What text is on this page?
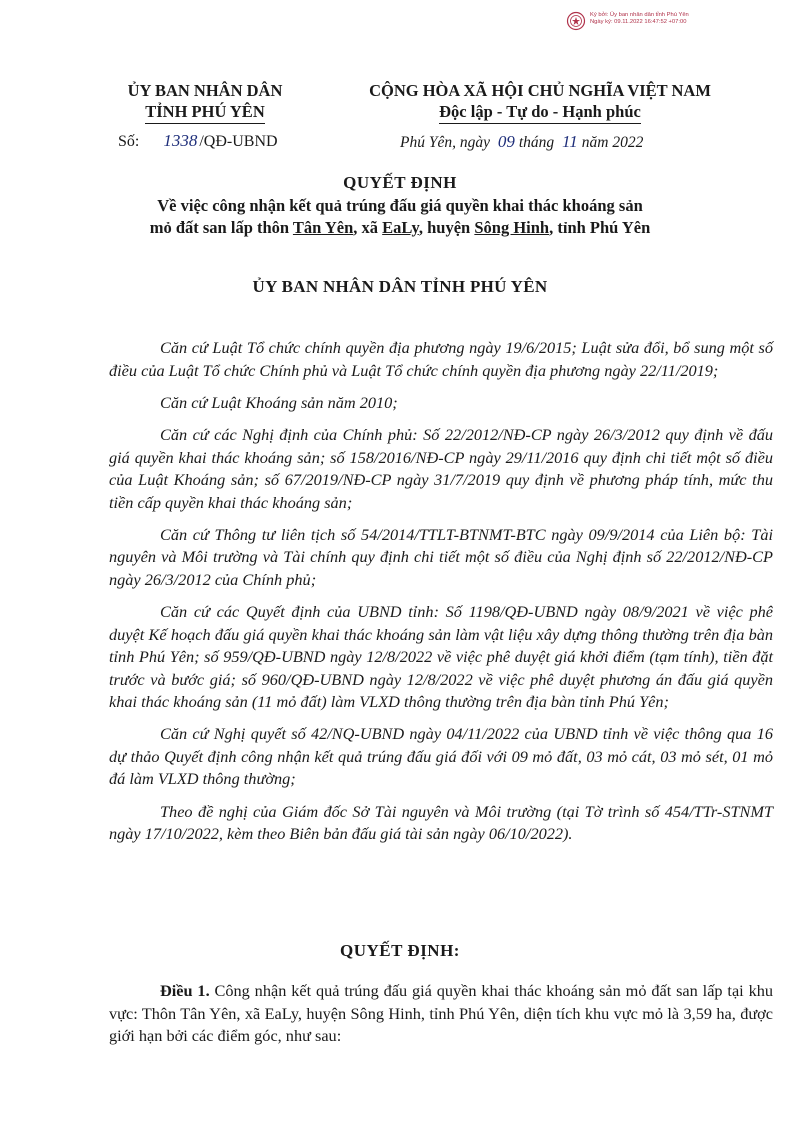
Ký bởi: Ủy ban nhân dân tỉnh Phú Yên
Ngày ký: 09.11.2022 16:47:52 +07:00
ỦY BAN NHÂN DÂN
TỈNH PHÚ YÊN
CỘNG HÒA XÃ HỘI CHỦ NGHĨA VIỆT NAM
Độc lập - Tự do - Hạnh phúc
Số: 1338 /QĐ-UBND	Phú Yên, ngày 09 tháng 11 năm 2022
QUYẾT ĐỊNH
Về việc công nhận kết quả trúng đấu giá quyền khai thác khoáng sản
mỏ đất san lấp thôn Tân Yên, xã EaLy, huyện Sông Hinh, tỉnh Phú Yên
ỦY BAN NHÂN DÂN TỈNH PHÚ YÊN

Căn cứ Luật Tổ chức chính quyền địa phương ngày 19/6/2015; Luật sửa đổi, bổ sung một số điều của Luật Tổ chức Chính phủ và Luật Tổ chức chính quyền địa phương ngày 22/11/2019;

Căn cứ Luật Khoáng sản năm 2010;

Căn cứ các Nghị định của Chính phủ: Số 22/2012/NĐ-CP ngày 26/3/2012 quy định về đấu giá quyền khai thác khoáng sản; số 158/2016/NĐ-CP ngày 29/11/2016 quy định chi tiết một số điều của Luật Khoáng sản; số 67/2019/NĐ-CP ngày 31/7/2019 quy định về phương pháp tính, mức thu tiền cấp quyền khai thác khoáng sản;

Căn cứ Thông tư liên tịch số 54/2014/TTLT-BTNMT-BTC ngày 09/9/2014 của Liên bộ: Tài nguyên và Môi trường và Tài chính quy định chi tiết một số điều của Nghị định số 22/2012/NĐ-CP ngày 26/3/2012 của Chính phủ;

Căn cứ các Quyết định của UBND tỉnh: Số 1198/QĐ-UBND ngày 08/9/2021 về việc phê duyệt Kế hoạch đấu giá quyền khai thác khoáng sản làm vật liệu xây dựng thông thường trên địa bàn tỉnh Phú Yên; số 959/QĐ-UBND ngày 12/8/2022 về việc phê duyệt giá khởi điểm (tạm tính), tiền đặt trước và bước giá; số 960/QĐ-UBND ngày 12/8/2022 về việc phê duyệt phương án đấu giá quyền khai thác khoáng sản (11 mỏ đất) làm VLXD thông thường trên địa bàn tỉnh Phú Yên;

Căn cứ Nghị quyết số 42/NQ-UBND ngày 04/11/2022 của UBND tỉnh về việc thông qua 16 dự thảo Quyết định công nhận kết quả trúng đấu giá đối với 09 mỏ đất, 03 mỏ cát, 03 mỏ sét, 01 mỏ đá làm VLXD thông thường;

Theo đề nghị của Giám đốc Sở Tài nguyên và Môi trường (tại Tờ trình số 454/TTr-STNMT ngày 17/10/2022, kèm theo Biên bản đấu giá tài sản ngày 06/10/2022).

QUYẾT ĐỊNH:
Điều 1. Công nhận kết quả trúng đấu giá quyền khai thác khoáng sản mỏ đất san lấp tại khu vực: Thôn Tân Yên, xã EaLy, huyện Sông Hinh, tỉnh Phú Yên, diện tích khu vực mỏ là 3,59 ha, được giới hạn bởi các điểm góc, như sau:
